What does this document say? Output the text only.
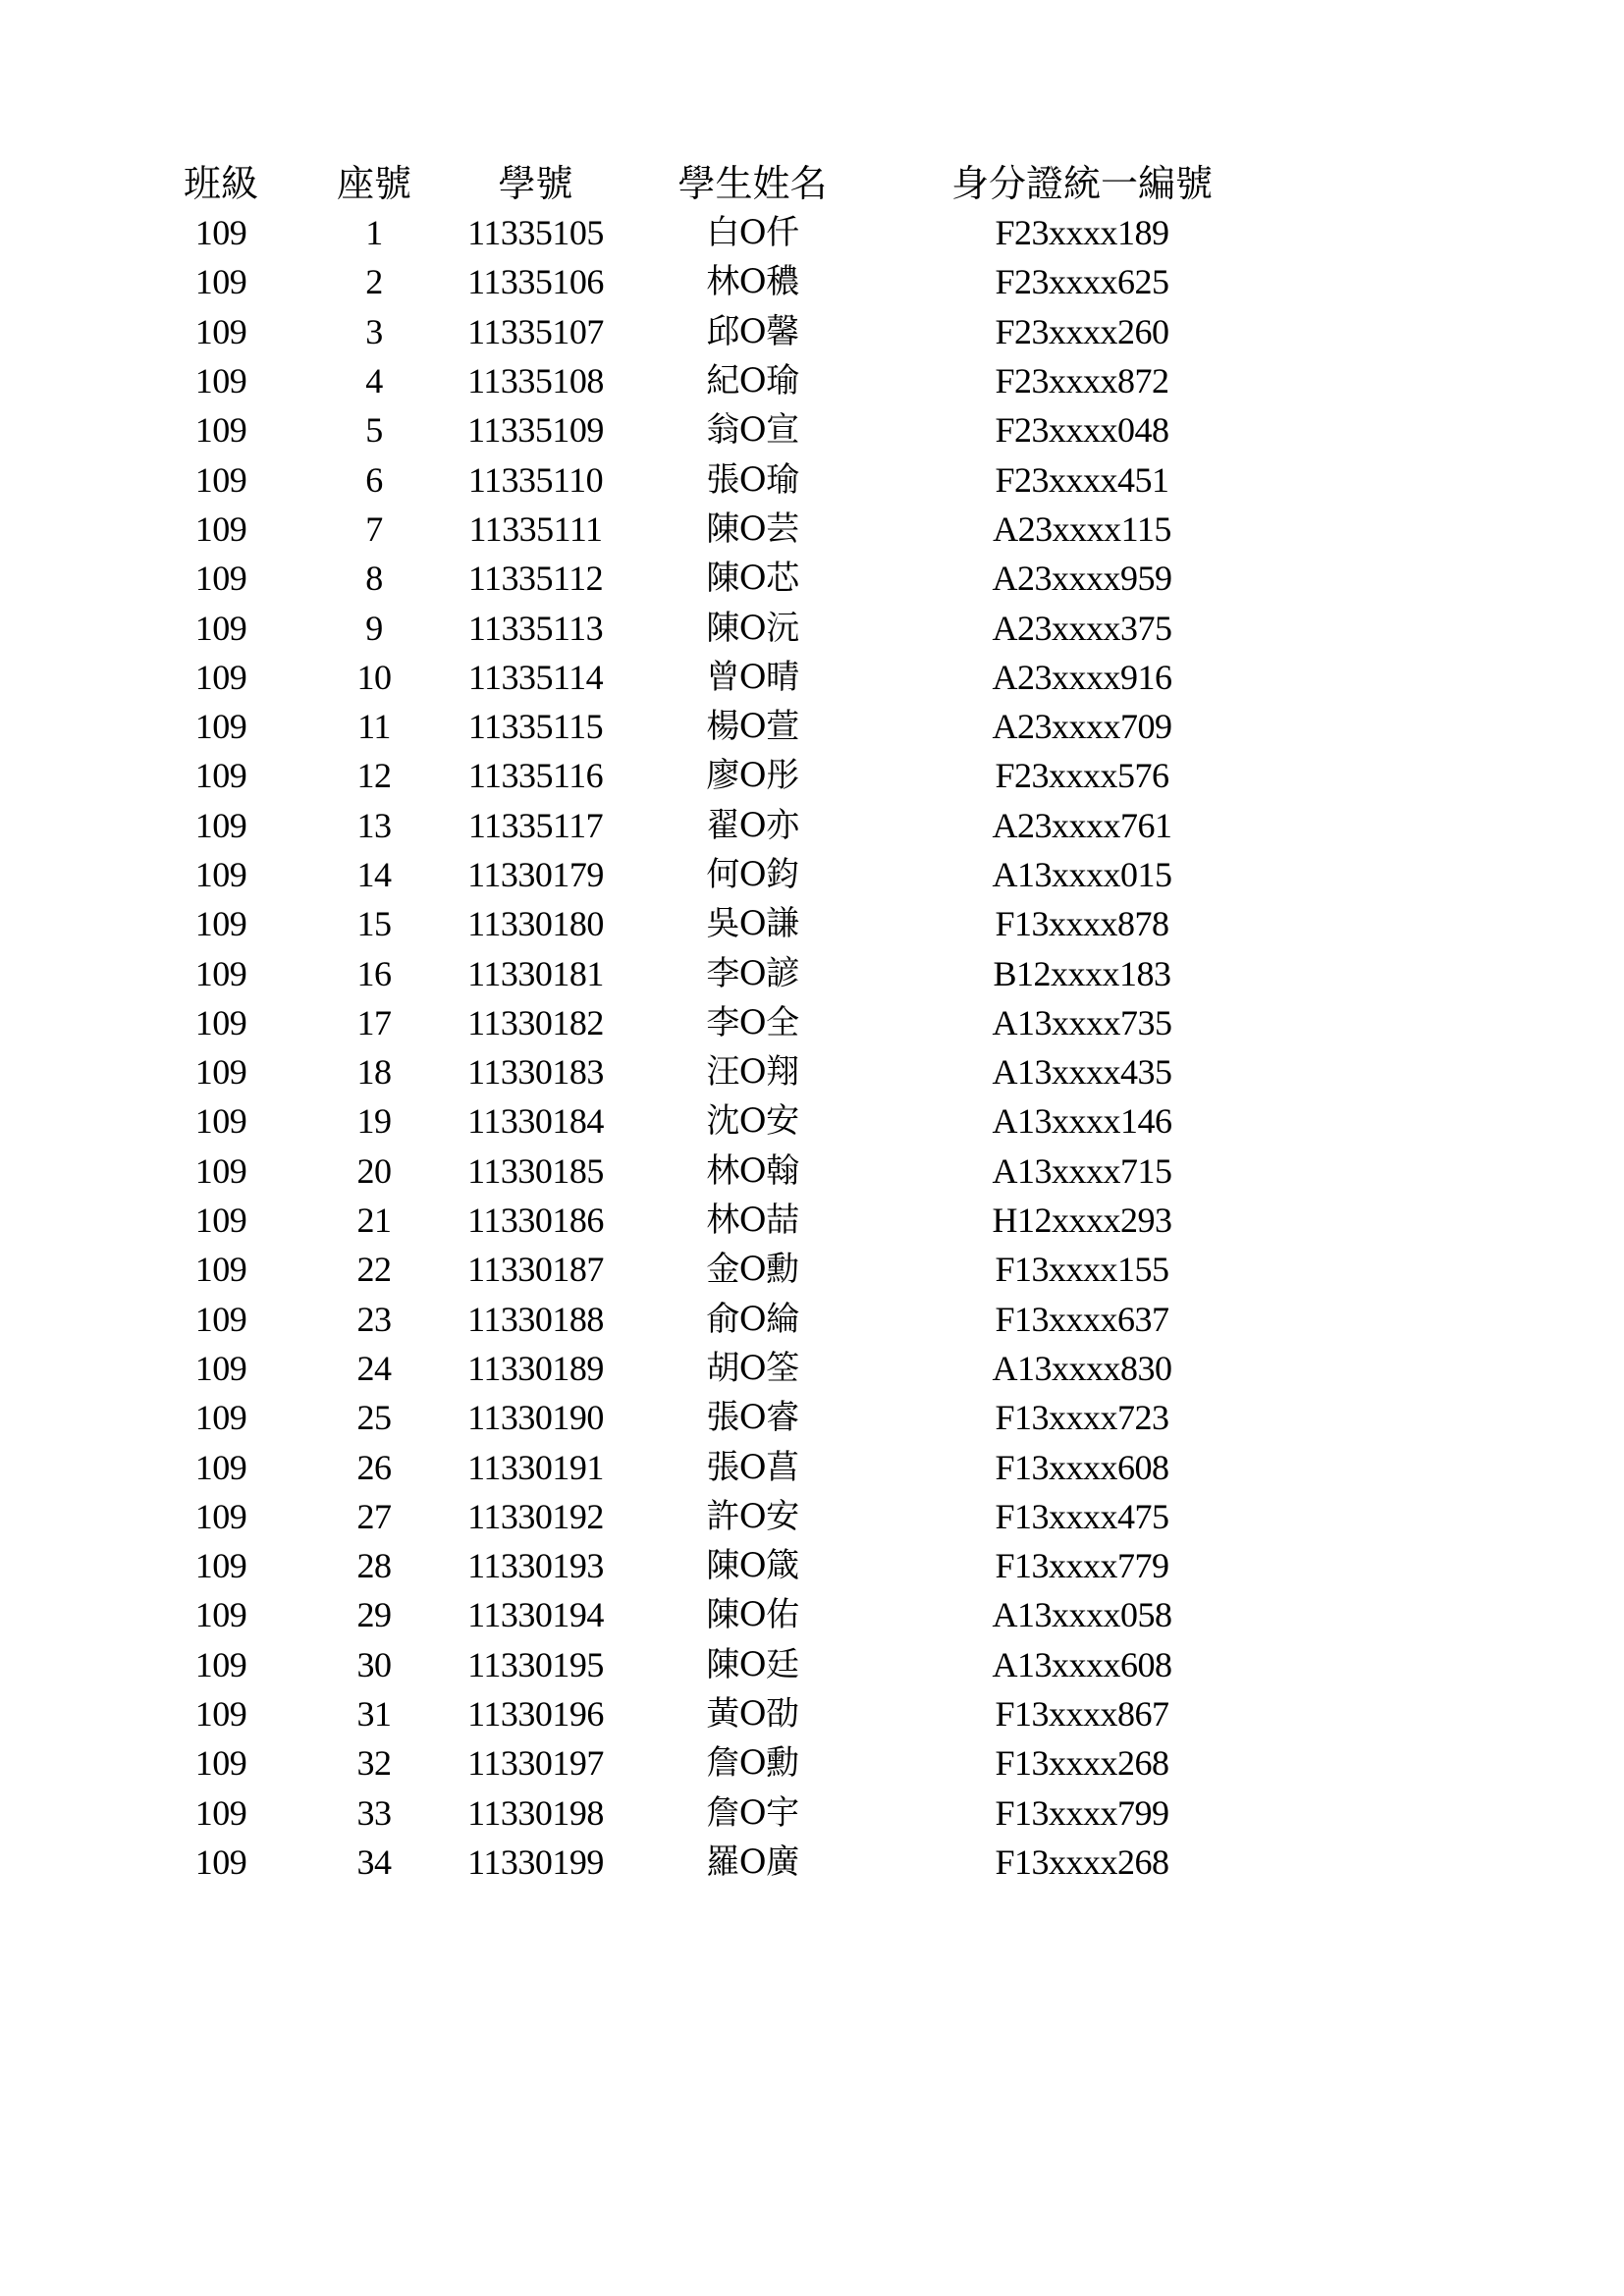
班級	座號	學號	學生姓名	身分證統一編號
109	1	11335105	白O仟	F23xxxx189
109	2	11335106	林O穠	F23xxxx625
109	3	11335107	邱O馨	F23xxxx260
109	4	11335108	紀O瑜	F23xxxx872
109	5	11335109	翁O宣	F23xxxx048
109	6	11335110	張O瑜	F23xxxx451
109	7	11335111	陳O芸	A23xxxx115
109	8	11335112	陳O芯	A23xxxx959
109	9	11335113	陳O沅	A23xxxx375
109	10	11335114	曾O晴	A23xxxx916
109	11	11335115	楊O萱	A23xxxx709
109	12	11335116	廖O彤	F23xxxx576
109	13	11335117	翟O亦	A23xxxx761
109	14	11330179	何O鈞	A13xxxx015
109	15	11330180	吳O謙	F13xxxx878
109	16	11330181	李O諺	B12xxxx183
109	17	11330182	李O全	A13xxxx735
109	18	11330183	汪O翔	A13xxxx435
109	19	11330184	沈O安	A13xxxx146
109	20	11330185	林O翰	A13xxxx715
109	21	11330186	林O喆	H12xxxx293
109	22	11330187	金O勳	F13xxxx155
109	23	11330188	俞O綸	F13xxxx637
109	24	11330189	胡O筌	A13xxxx830
109	25	11330190	張O睿	F13xxxx723
109	26	11330191	張O菖	F13xxxx608
109	27	11330192	許O安	F13xxxx475
109	28	11330193	陳O箴	F13xxxx779
109	29	11330194	陳O佑	A13xxxx058
109	30	11330195	陳O廷	A13xxxx608
109	31	11330196	黃O劭	F13xxxx867
109	32	11330197	詹O勳	F13xxxx268
109	33	11330198	詹O宇	F13xxxx799
109	34	11330199	羅O廣	F13xxxx268
